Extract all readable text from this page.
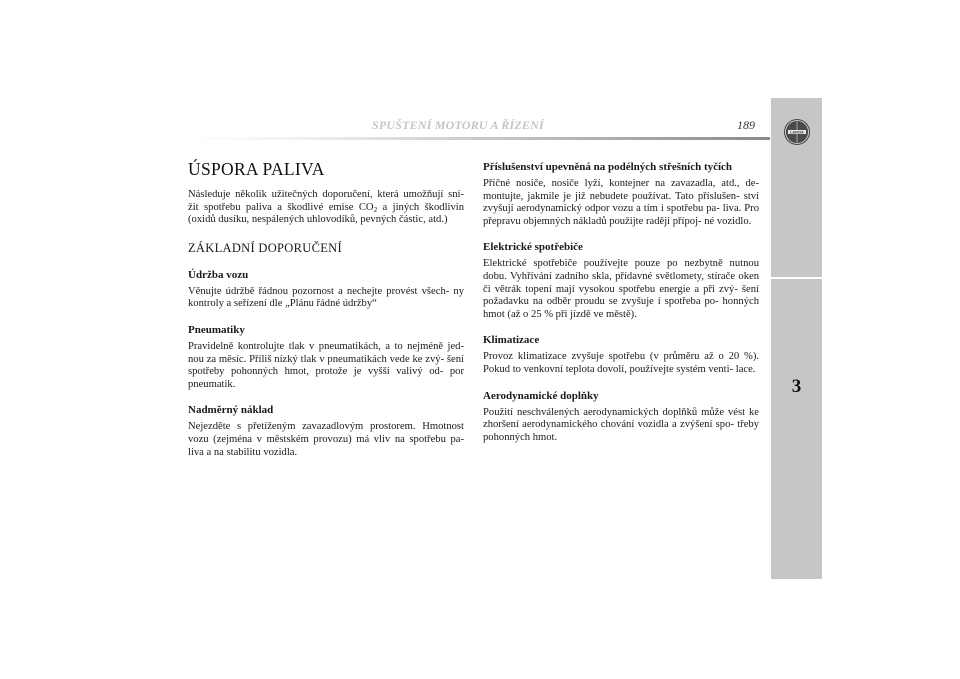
SPUŠTENÍ MOTORU A ŘÍZENÍ	189
LANCIA
3
ÚSPORA PALIVA

Následuje několik užitečných doporučení, která umožňují sní- žit spotřebu paliva a škodlivé emise $CO_2$ a jiných škodlivin (oxidů dusíku, nespálených uhlovodíků, pevných částic, atd.)

ZÁKLADNÍ DOPORUČENÍ
Údržba vozu

Věnujte údržbě řádnou pozornost a nechejte provést všech- ny kontroly a seřízení dle „Plánu řádné údržby“

Pneumatiky

Pravidelně kontrolujte tlak v pneumatikách, a to nejméně jed- nou za měsíc. Příliš nízký tlak v pneumatikách vede ke zvý- šení spotřeby pohonných hmot, protože je vyšší valivý od- por pneumatik.

Nadměrný náklad

Nejezděte s přetíženým zavazadlovým prostorem. Hmotnost vozu (zejména v městském provozu) má vliv na spotřebu pa- liva a na stabilitu vozidla.

Příslušenství upevněná na podélných střešních tyčích

Příčné nosiče, nosiče lyží, kontejner na zavazadla, atd., de- montujte, jakmile je již nebudete používat. Tato příslušen- ství zvyšují aerodynamický odpor vozu a tím i spotřebu pa- liva. Pro přepravu objemných nákladů použijte raději přípoj- né vozidlo.

Elektrické spotřebiče

Elektrické spotřebiče používejte pouze po nezbytně nutnou dobu. Vyhřívání zadního skla, přídavné světlomety, stírače oken či větrák topení mají vysokou spotřebu energie a při zvý- šení požadavku na odběr proudu se zvyšuje i spotřeba po- honných hmot (až o 25 % při jízdě ve městě).

Klimatizace

Provoz klimatizace zvyšuje spotřebu (v průměru až o 20 %). Pokud to venkovní teplota dovolí, používejte systém venti- lace.

Aerodynamické doplňky

Použití neschválených aerodynamických doplňků může vést ke zhoršení aerodynamického chování vozidla a zvýšení spo- třeby pohonných hmot.
